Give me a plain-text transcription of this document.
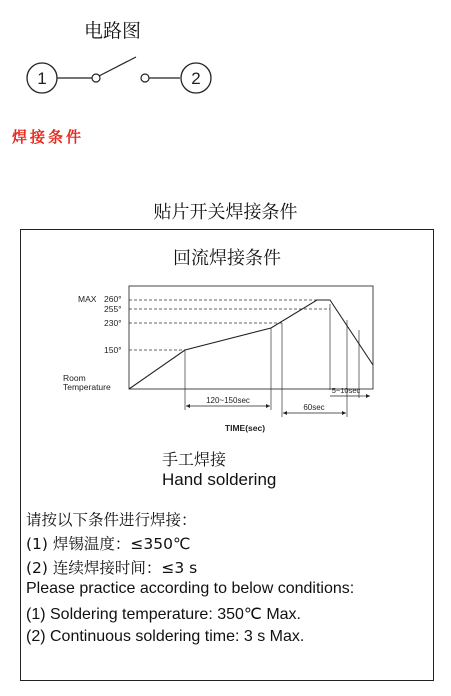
电路图
1	2
焊接条件
贴片开关焊接条件
回流焊接条件
MAX 260°
255°
230°
150°
Room
Temperature
120~150sec
60sec
5~10sec
TIME(sec)
手工焊接
Hand soldering
请按以下条件进行焊接：
(1) 焊锡温度：≤350℃
(2) 连续焊接时间：≤3 s
Please practice according to below conditions:
(1) Soldering temperature: 350℃ Max.
(2) Continuous soldering time: 3 s Max.
